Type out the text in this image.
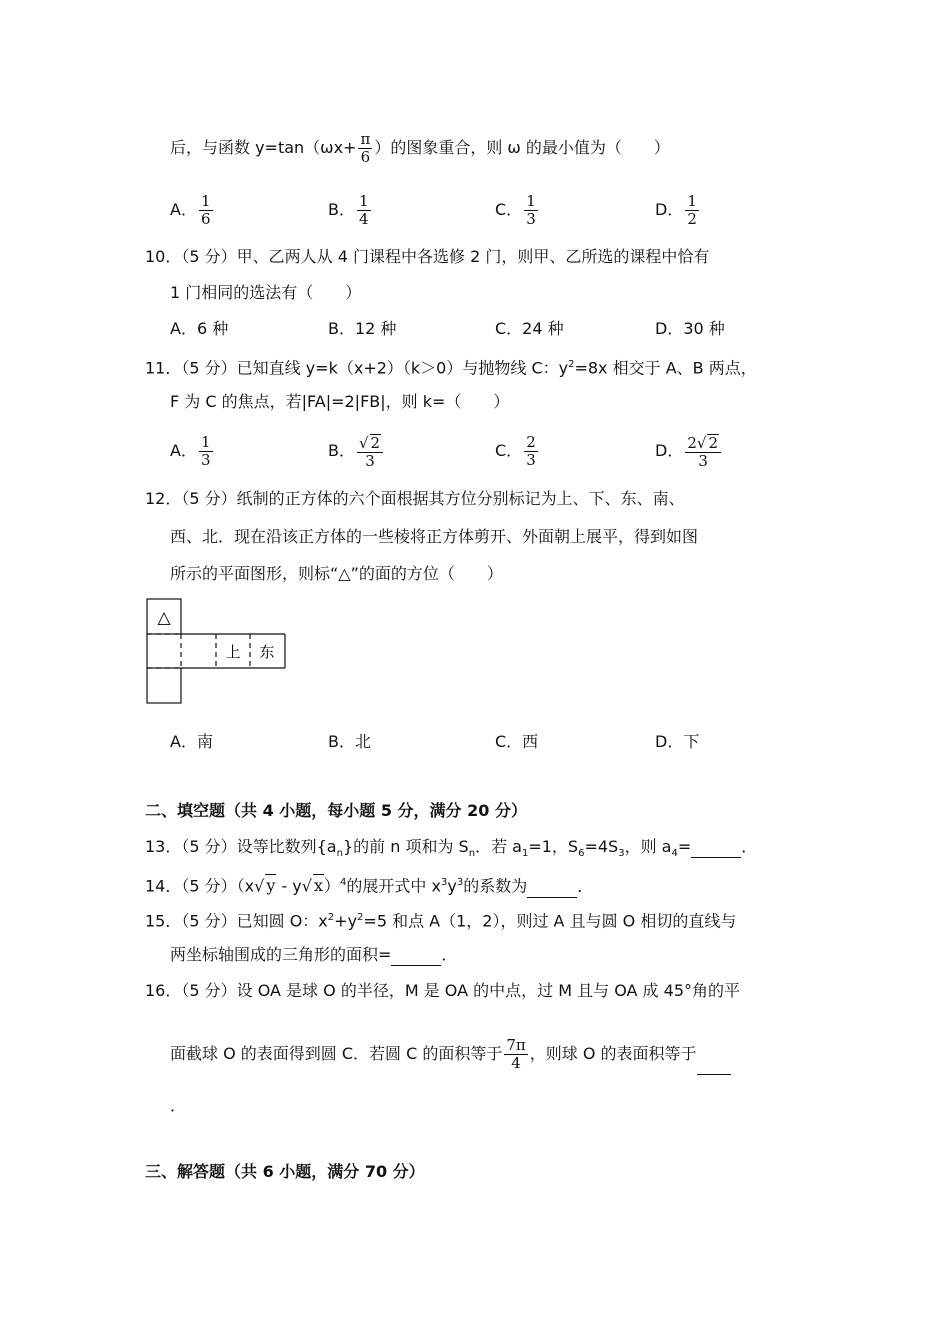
后，与函数 $y=\tan(\omega x+ \frac{\pi}{6}$ ）的图象重合，则 ω 的最小值为（　　）
A． $\frac{1}{6}$	B． $\frac{1}{4}$	C． $\frac{1}{3}$	D． $\frac{1}{2}$
10．（5 分）甲、乙两人从 4 门课程中各选修 2 门，则甲、乙所选的课程中恰有
1 门相同的选法有（　　）
A．6 种	B．12 种	C．24 种	D．30 种
11．（5 分）已知直线 y=k（x+2）（k＞0）与抛物线 C：$y^2=8x$ 相交于 A、B 两点，
F 为 C 的焦点，若|FA|=2|FB|，则 k=（　　）
A． $\frac{1}{3}$	B． $\frac{√ 2}{3}$	C． $\frac{2}{3}$	D． $\frac{2√ 2}{3}$
12．（5 分）纸制的正方体的六个面根据其方位分别标记为上、下、东、南、
西、北．现在沿该正方体的一些棱将正方体剪开、外面朝上展平，得到如图
所示的平面图形，则标“△”的面的方位（　　）
△
上 东
A．南	B．北	C．西	D．下
二、填空题（共 4 小题，每小题 5 分，满分 20 分）
13．（5 分）设等比数列$\{a_n\}$的前 n 项和为 $S_n$．若 $a_1=1$，$S_6=4S_3$，则 $a_4=$	．
14．（5 分）（x√ y - y√ x）$^4$的展开式中 $x^3y^3$的系数为	．
15．（5 分）已知圆 O：$x^2+y^2=5$ 和点 A（1，2），则过 A 且与圆 O 相切的直线与
两坐标轴围成的三角形的面积=	．
16．（5 分）设 OA 是球 O 的半径，M 是 OA 的中点，过 M 且与 OA 成 45°角的平
面截球 O 的表面得到圆 C．若圆 C 的面积等于 $\frac{7\pi}{4}$ ，则球 O 的表面积等于
．
三、解答题（共 6 小题，满分 70 分）
